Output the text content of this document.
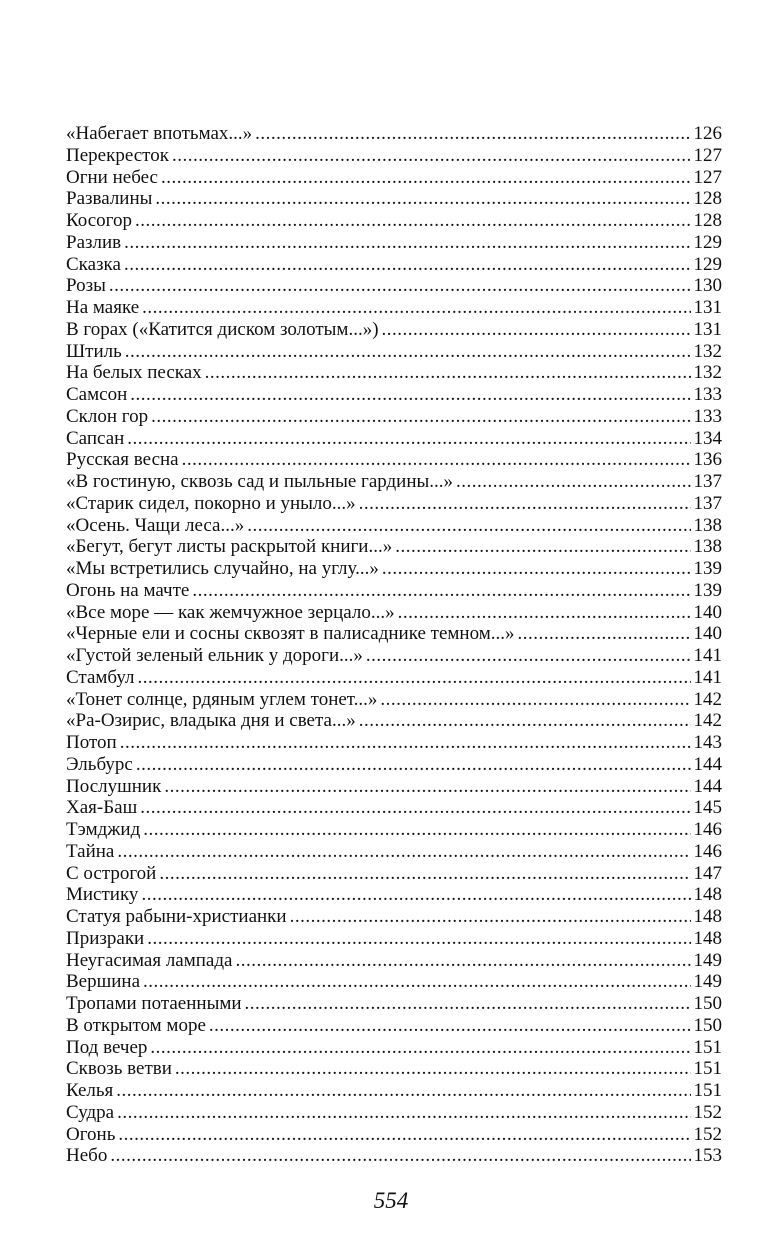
«Набегает впотьмах...» .....	126
Перекресток .....	127
Огни небес .....	127
Развалины .....	128
Косогор .....	128
Разлив .....	129
Сказка .....	129
Розы .....	130
На маяке .....	131
В горах («Катится диском золотым...») .....	131
Штиль .....	132
На белых песках .....	132
Самсон .....	133
Склон гор .....	133
Сапсан .....	134
Русская весна .....	136
«В гостиную, сквозь сад и пыльные гардины...» .....	137
«Старик сидел, покорно и уныло...» .....	137
«Осень. Чащи леса...» .....	138
«Бегут, бегут листы раскрытой книги...» .....	138
«Мы встретились случайно, на углу...» .....	139
Огонь на мачте .....	139
«Все море — как жемчужное зерцало...» .....	140
«Черные ели и сосны сквозят в палисаднике темном...» .....	140
«Густой зеленый ельник у дороги...» .....	141
Стамбул .....	141
«Тонет солнце, рдяным углем тонет...» .....	142
«Ра-Озирис, владыка дня и света...» .....	142
Потоп .....	143
Эльбурс .....	144
Послушник .....	144
Хая-Баш .....	145
Тэмджид .....	146
Тайна .....	146
С острогой .....	147
Мистику .....	148
Статуя рабыни-христианки .....	148
Призраки .....	148
Неугасимая лампада .....	149
Вершина .....	149
Тропами потаенными .....	150
В открытом море .....	150
Под вечер .....	151
Сквозь ветви .....	151
Келья .....	151
Судра .....	152
Огонь .....	152
Небо .....	153
554
